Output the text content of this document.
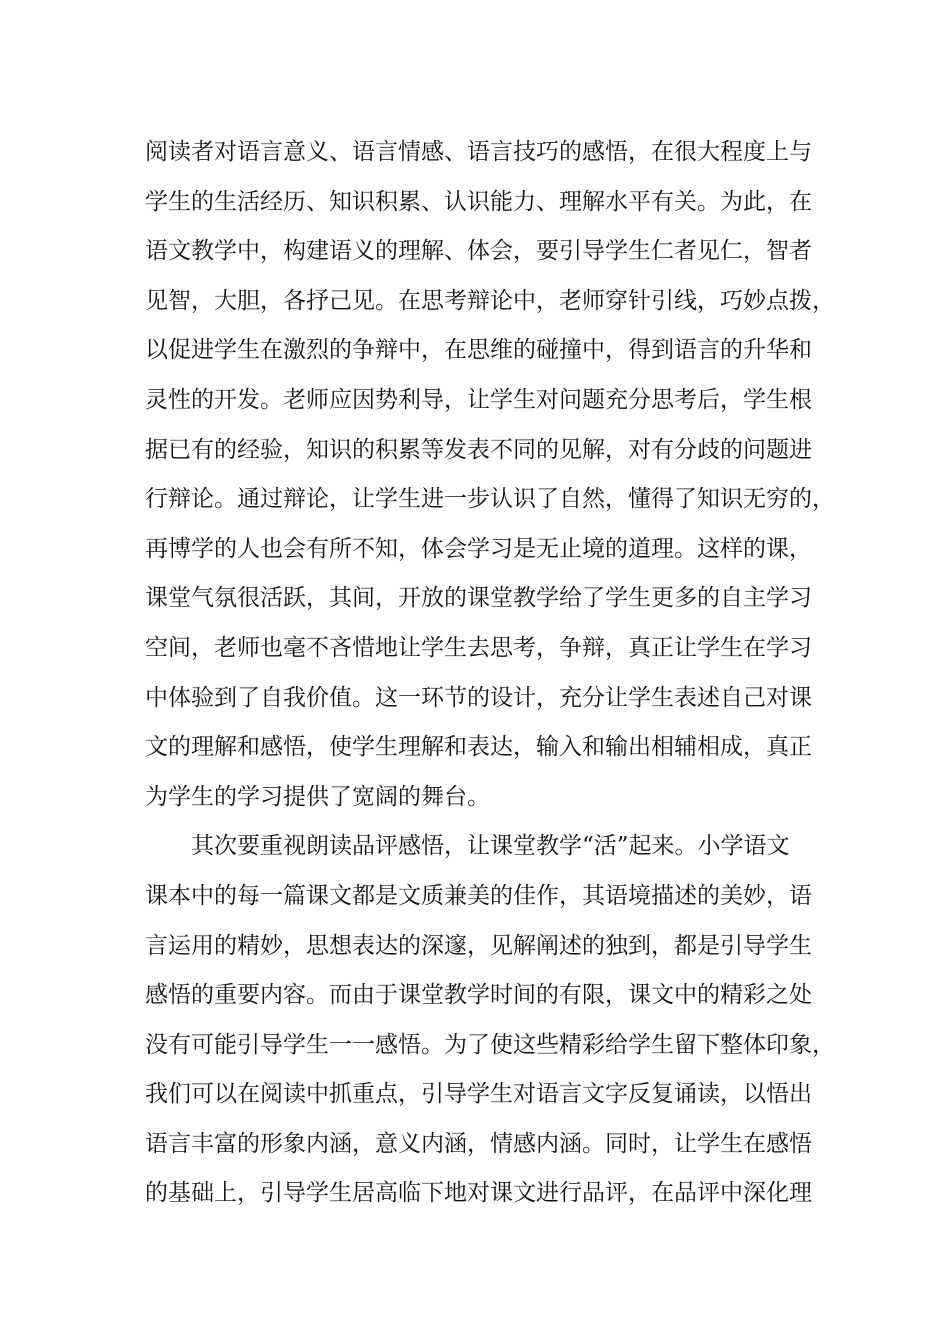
阅读者对语言意义、语言情感、语言技巧的感悟，在很大程度上与
学生的生活经历、知识积累、认识能力、理解水平有关。为此，在
语文教学中，构建语义的理解、体会，要引导学生仁者见仁，智者
见智，大胆，各抒己见。在思考辩论中，老师穿针引线，巧妙点拨，
以促进学生在激烈的争辩中，在思维的碰撞中，得到语言的升华和
灵性的开发。老师应因势利导，让学生对问题充分思考后，学生根
据已有的经验，知识的积累等发表不同的见解，对有分歧的问题进
行辩论。通过辩论，让学生进一步认识了自然，懂得了知识无穷的，
再博学的人也会有所不知，体会学习是无止境的道理。这样的课，
课堂气氛很活跃，其间，开放的课堂教学给了学生更多的自主学习
空间，老师也毫不吝惜地让学生去思考，争辩，真正让学生在学习
中体验到了自我价值。这一环节的设计，充分让学生表述自己对课
文的理解和感悟，使学生理解和表达，输入和输出相辅相成，真正
为学生的学习提供了宽阔的舞台。
其次要重视朗读品评感悟，让课堂教学“活”起来。小学语文
课本中的每一篇课文都是文质兼美的佳作，其语境描述的美妙，语
言运用的精妙，思想表达的深邃，见解阐述的独到，都是引导学生
感悟的重要内容。而由于课堂教学时间的有限，课文中的精彩之处
没有可能引导学生一一感悟。为了使这些精彩给学生留下整体印象，
我们可以在阅读中抓重点，引导学生对语言文字反复诵读，以悟出
语言丰富的形象内涵，意义内涵，情感内涵。同时，让学生在感悟
的基础上，引导学生居高临下地对课文进行品评，在品评中深化理
